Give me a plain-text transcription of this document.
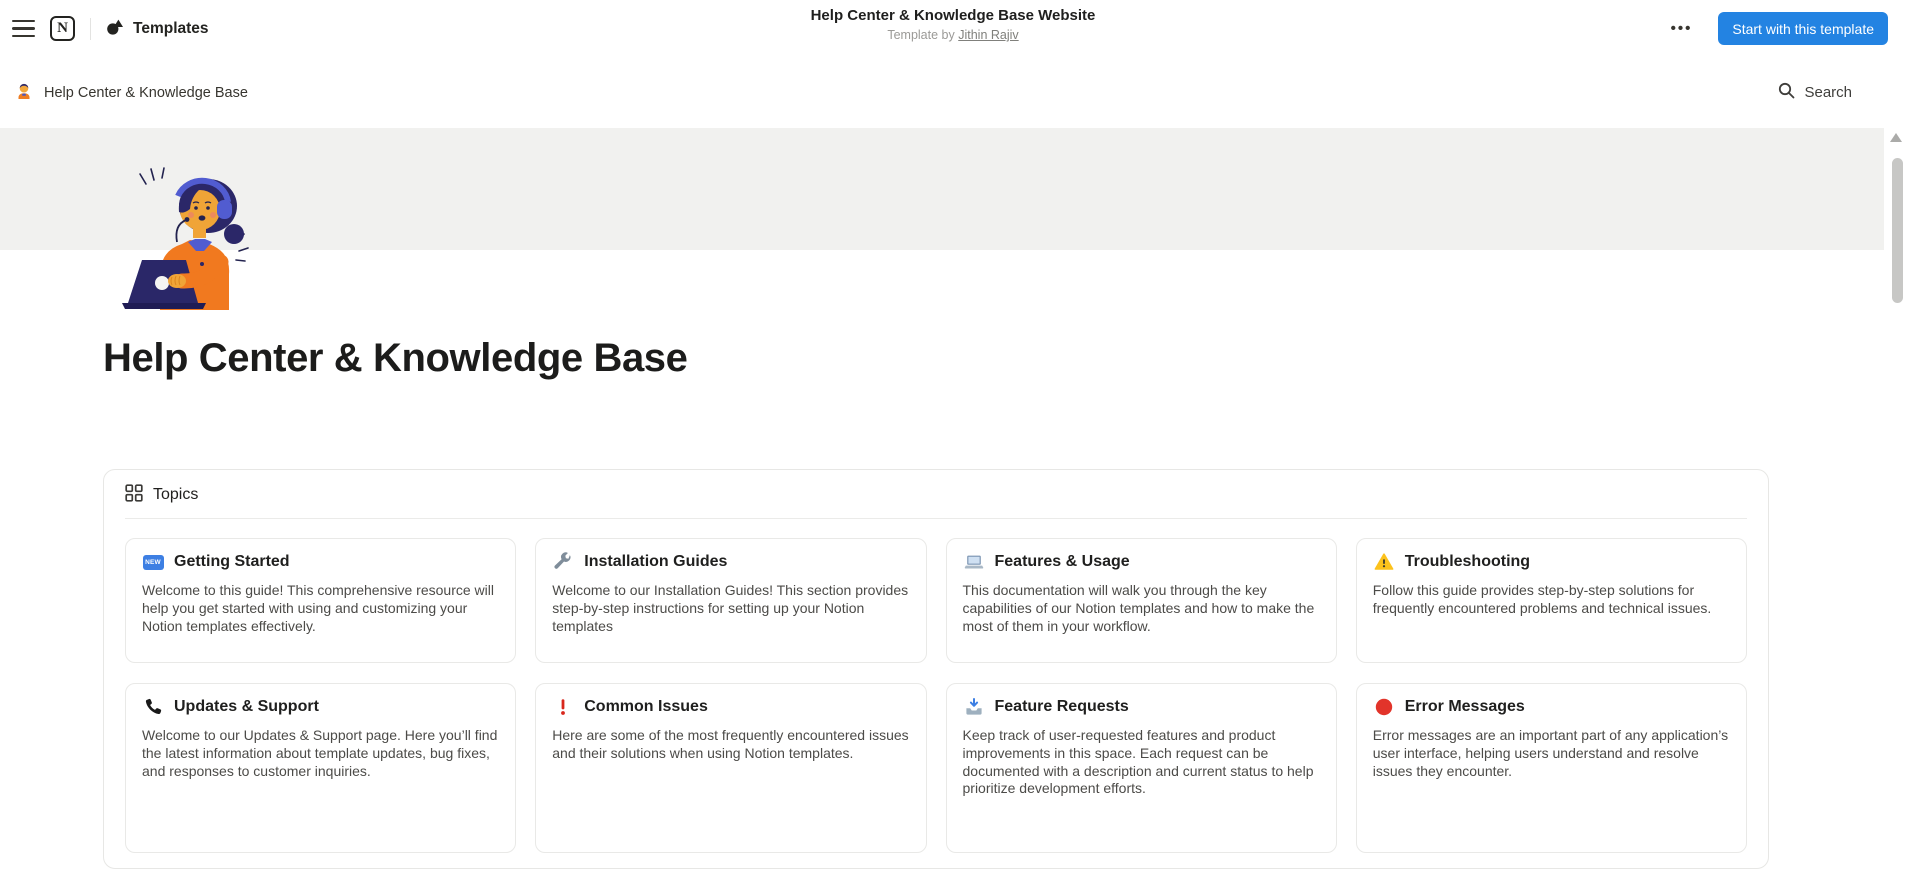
N	Templates
Help Center & Knowledge Base Website
Template by Jithin Rajiv	•••	Start with this template
Help Center & Knowledge Base	Search
Help Center & Knowledge Base
Topics
NEW Getting Started

Welcome to this guide! This comprehensive resource will help you get started with using and customizing your Notion templates effectively.

Installation Guides

Welcome to our Installation Guides! This section provides step-by-step instructions for setting up your Notion templates

Features & Usage

This documentation will walk you through the key capabilities of our Notion templates and how to make the most of them in your workflow.

Troubleshooting

Follow this guide provides step-by-step solutions for frequently encountered problems and technical issues.

Updates & Support

Welcome to our Updates & Support page. Here you’ll find the latest information about template updates, bug fixes, and responses to customer inquiries.

Common Issues

Here are some of the most frequently encountered issues and their solutions when using Notion templates.

Feature Requests

Keep track of user-requested features and product improvements in this space. Each request can be documented with a description and current status to help prioritize development efforts.

Error Messages

Error messages are an important part of any application’s user interface, helping users understand and resolve issues they encounter.
